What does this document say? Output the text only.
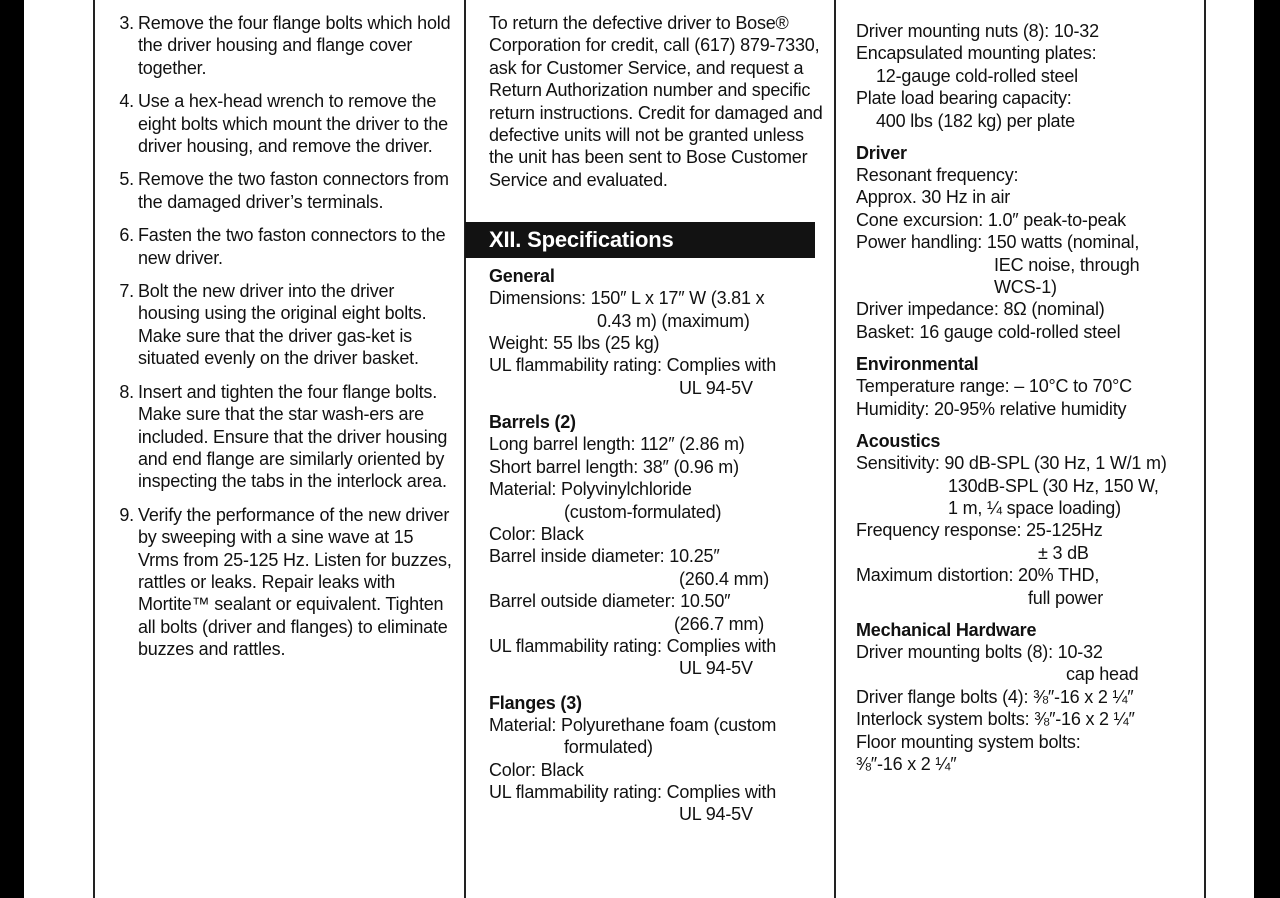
3. Remove the four flange bolts which hold the driver housing and flange cover together.
4. Use a hex-head wrench to remove the eight bolts which mount the driver to the driver housing, and remove the driver.
5. Remove the two faston connectors from the damaged driver’s terminals.
6. Fasten the two faston connectors to the new driver.
7. Bolt the new driver into the driver housing using the original eight bolts. Make sure that the driver gas-ket is situated evenly on the driver basket.
8. Insert and tighten the four flange bolts. Make sure that the star wash-ers are included. Ensure that the driver housing and end flange are similarly oriented by inspecting the tabs in the interlock area.
9. Verify the performance of the new driver by sweeping with a sine wave at 15 Vrms from 25-125 Hz. Listen for buzzes, rattles or leaks. Repair leaks with Mortite™ sealant or equivalent. Tighten all bolts (driver and flanges) to eliminate buzzes and rattles.

To return the defective driver to Bose® Corporation for credit, call (617) 879-7330, ask for Customer Service, and request a Return Authorization number and specific return instructions. Credit for damaged and defective units will not be granted unless the unit has been sent to Bose Customer Service and evaluated.

XII. Specifications
General
Dimensions: 150″ L x 17″ W (3.81 x
0.43 m) (maximum)
Weight: 55 lbs (25 kg)
UL flammability rating: Complies with
UL 94-5V
Barrels (2)
Long barrel length: 112″ (2.86 m)
Short barrel length: 38″ (0.96 m)
Material: Polyvinylchloride
(custom-formulated)
Color: Black
Barrel inside diameter: 10.25″
(260.4 mm)
Barrel outside diameter: 10.50″
(266.7 mm)
UL flammability rating: Complies with
UL 94-5V
Flanges (3)
Material: Polyurethane foam (custom
formulated)
Color: Black
UL flammability rating: Complies with
UL 94-5V
Driver mounting nuts (8): 10-32
Encapsulated mounting plates:
12-gauge cold-rolled steel
Plate load bearing capacity:
400 lbs (182 kg) per plate
Driver
Resonant frequency:
Approx. 30 Hz in air
Cone excursion: 1.0″ peak-to-peak
Power handling: 150 watts (nominal,
IEC noise, through
WCS-1)
Driver impedance: 8Ω (nominal)
Basket: 16 gauge cold-rolled steel
Environmental
Temperature range: – 10°C to 70°C
Humidity: 20-95% relative humidity
Acoustics
Sensitivity: 90 dB-SPL (30 Hz, 1 W/1 m)
130dB-SPL (30 Hz, 150 W,
1 m, ¼ space loading)
Frequency response: 25-125Hz
± 3 dB
Maximum distortion: 20% THD,
full power
Mechanical Hardware
Driver mounting bolts (8): 10-32
cap head
Driver flange bolts (4): ⅜″-16 x 2 ¼″
Interlock system bolts: ⅜″-16 x 2 ¼″
Floor mounting system bolts:
⅜″-16 x 2 ¼″
